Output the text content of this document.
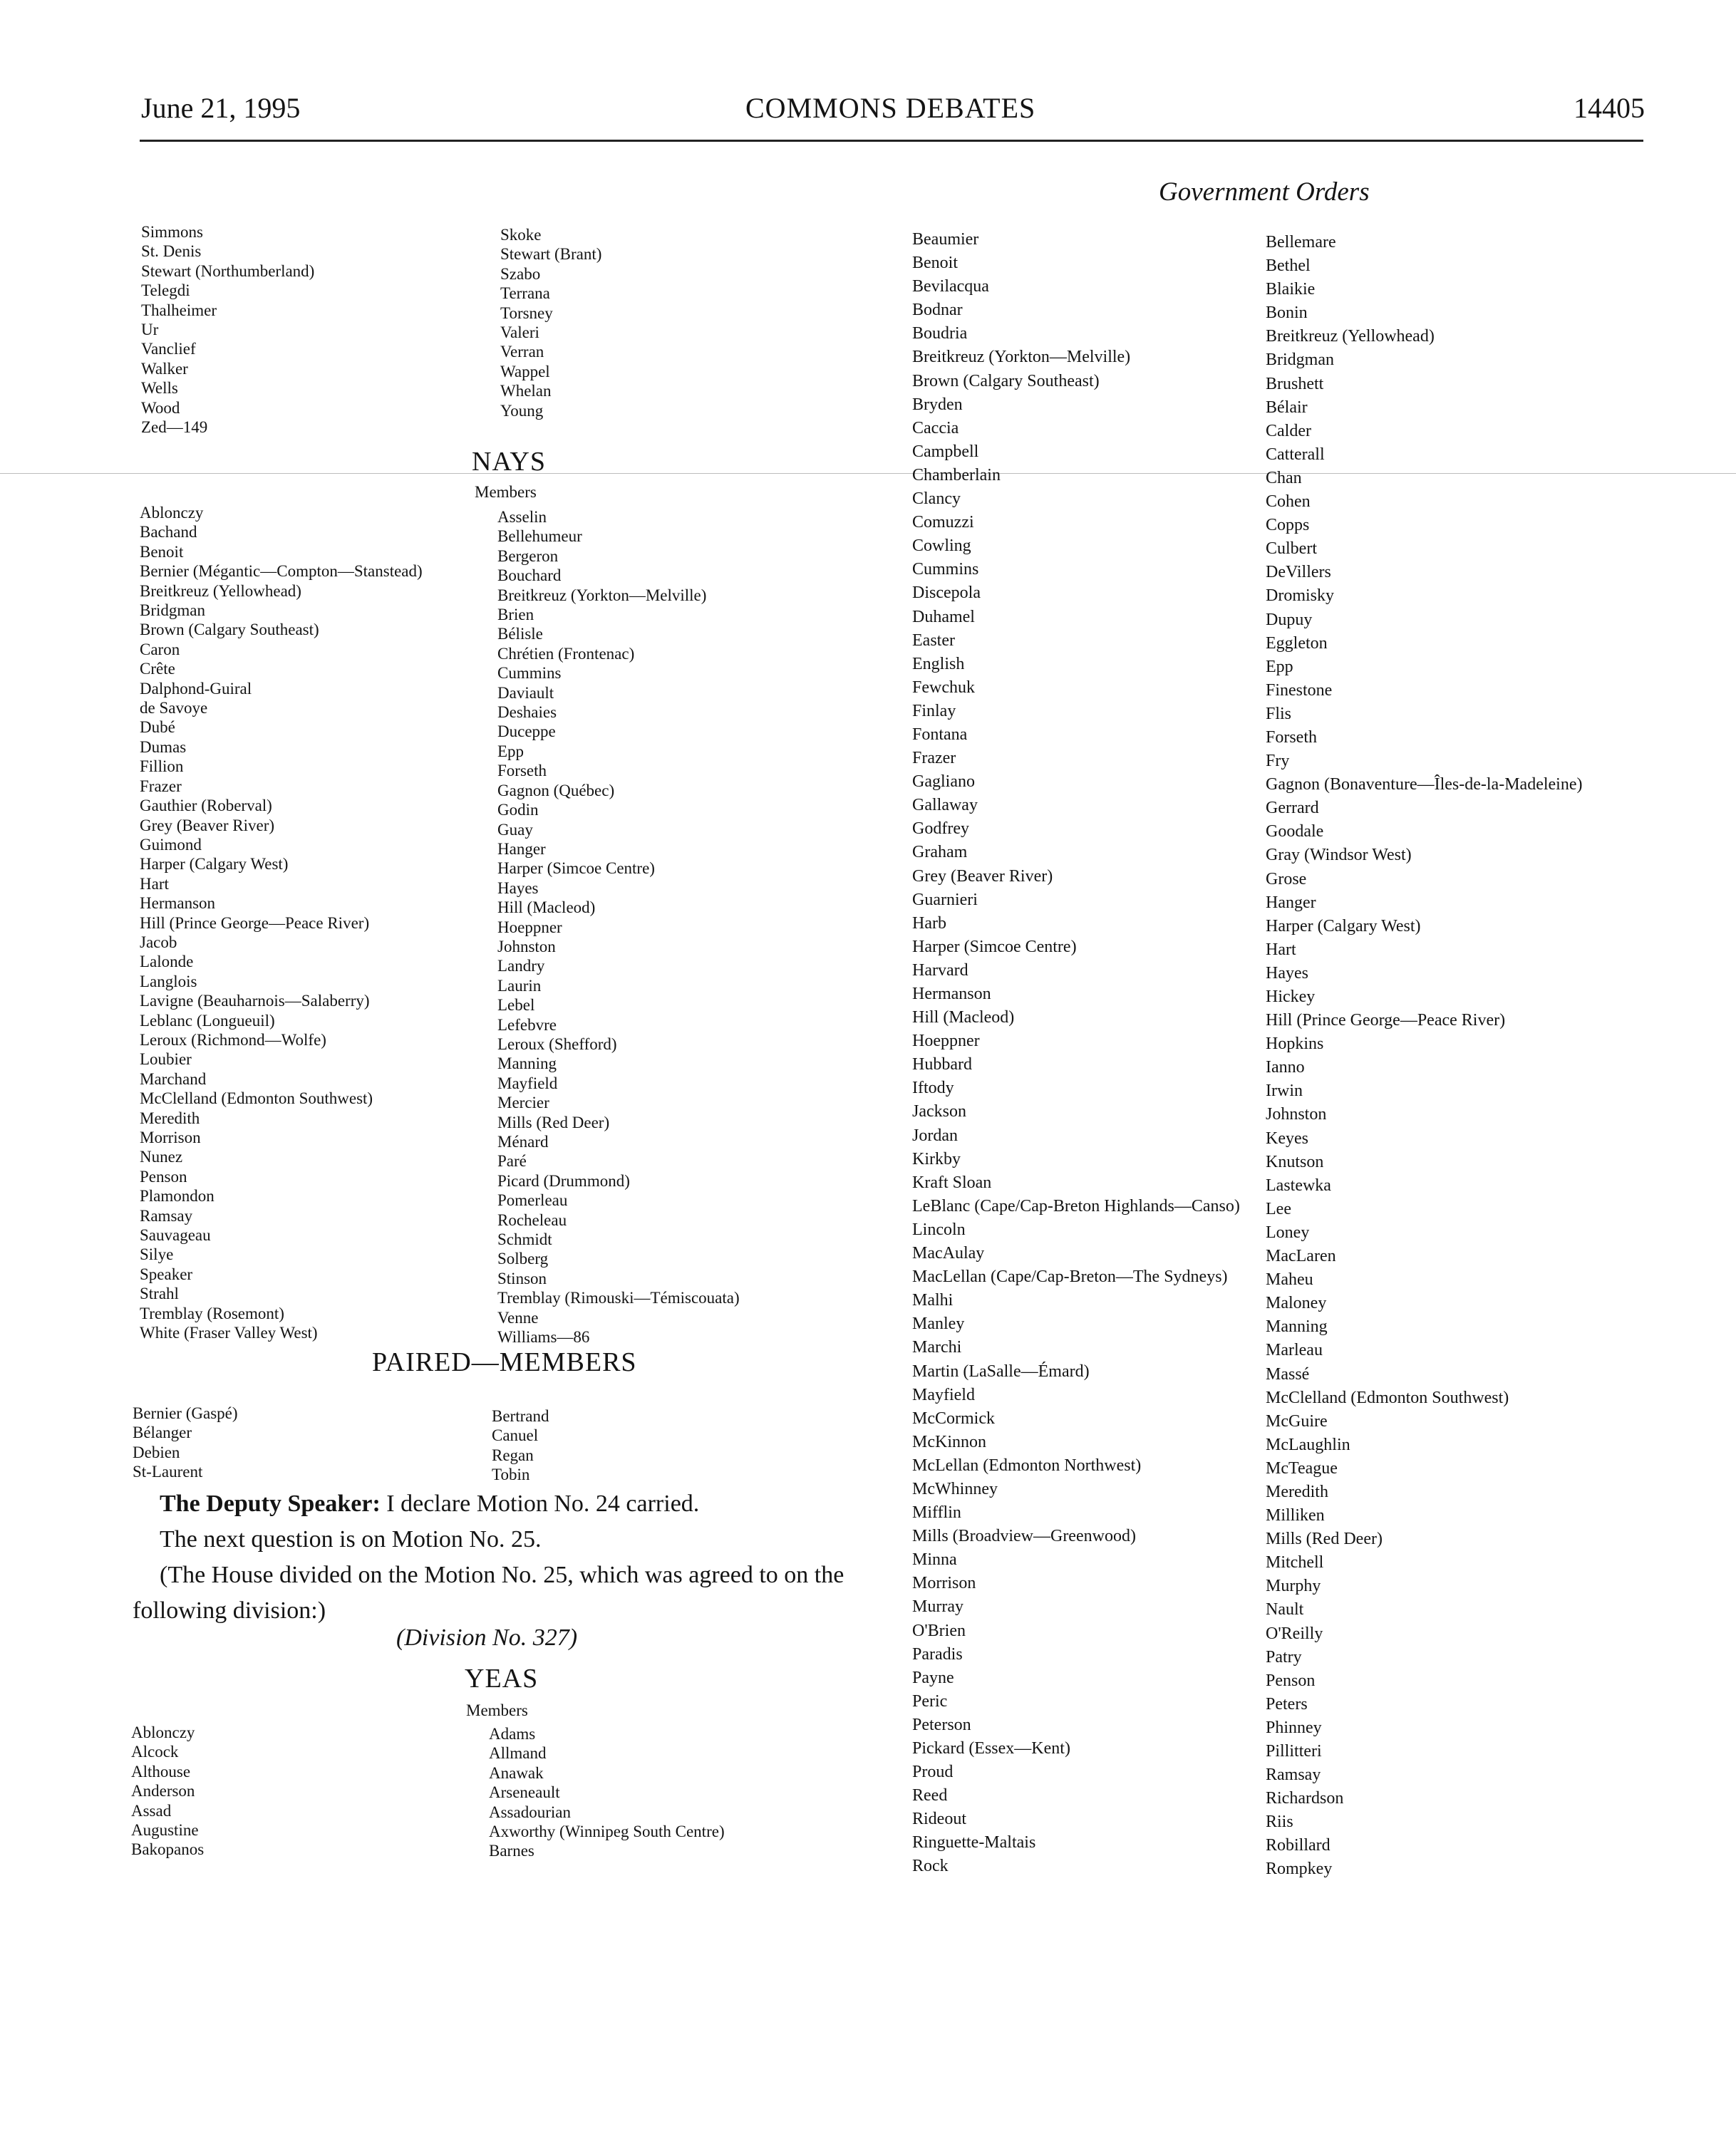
June 21, 1995	COMMONS DEBATES	14405
Government Orders
Simmons
St. Denis
Stewart (Northumberland)
Telegdi
Thalheimer
Ur
Vanclief
Walker
Wells
Wood
Zed—149
Skoke
Stewart (Brant)
Szabo
Terrana
Torsney
Valeri
Verran
Wappel
Whelan
Young
NAYS
Members
Ablonczy
Bachand
Benoit
Bernier (Mégantic—Compton—Stanstead)
Breitkreuz (Yellowhead)
Bridgman
Brown (Calgary Southeast)
Caron
Crête
Dalphond-Guiral
de Savoye
Dubé
Dumas
Fillion
Frazer
Gauthier (Roberval)
Grey (Beaver River)
Guimond
Harper (Calgary West)
Hart
Hermanson
Hill (Prince George—Peace River)
Jacob
Lalonde
Langlois
Lavigne (Beauharnois—Salaberry)
Leblanc (Longueuil)
Leroux (Richmond—Wolfe)
Loubier
Marchand
McClelland (Edmonton Southwest)
Meredith
Morrison
Nunez
Penson
Plamondon
Ramsay
Sauvageau
Silye
Speaker
Strahl
Tremblay (Rosemont)
White (Fraser Valley West)
Asselin
Bellehumeur
Bergeron
Bouchard
Breitkreuz (Yorkton—Melville)
Brien
Bélisle
Chrétien (Frontenac)
Cummins
Daviault
Deshaies
Duceppe
Epp
Forseth
Gagnon (Québec)
Godin
Guay
Hanger
Harper (Simcoe Centre)
Hayes
Hill (Macleod)
Hoeppner
Johnston
Landry
Laurin
Lebel
Lefebvre
Leroux (Shefford)
Manning
Mayfield
Mercier
Mills (Red Deer)
Ménard
Paré
Picard (Drummond)
Pomerleau
Rocheleau
Schmidt
Solberg
Stinson
Tremblay (Rimouski—Témiscouata)
Venne
Williams—86
PAIRED—MEMBERS
Bernier (Gaspé)
Bélanger
Debien
St-Laurent
Bertrand
Canuel
Regan
Tobin

The Deputy Speaker: I declare Motion No. 24 carried.

The next question is on Motion No. 25.

(The House divided on the Motion No. 25, which was agreed to on the following division:)

(Division No. 327)
YEAS
Members
Ablonczy
Alcock
Althouse
Anderson
Assad
Augustine
Bakopanos
Adams
Allmand
Anawak
Arseneault
Assadourian
Axworthy (Winnipeg South Centre)
Barnes
Beaumier
Benoit
Bevilacqua
Bodnar
Boudria
Breitkreuz (Yorkton—Melville)
Brown (Calgary Southeast)
Bryden
Caccia
Campbell
Chamberlain
Clancy
Comuzzi
Cowling
Cummins
Discepola
Duhamel
Easter
English
Fewchuk
Finlay
Fontana
Frazer
Gagliano
Gallaway
Godfrey
Graham
Grey (Beaver River)
Guarnieri
Harb
Harper (Simcoe Centre)
Harvard
Hermanson
Hill (Macleod)
Hoeppner
Hubbard
Iftody
Jackson
Jordan
Kirkby
Kraft Sloan
LeBlanc (Cape/Cap-Breton Highlands—Canso)
Lincoln
MacAulay
MacLellan (Cape/Cap-Breton—The Sydneys)
Malhi
Manley
Marchi
Martin (LaSalle—Émard)
Mayfield
McCormick
McKinnon
McLellan (Edmonton Northwest)
McWhinney
Mifflin
Mills (Broadview—Greenwood)
Minna
Morrison
Murray
O'Brien
Paradis
Payne
Peric
Peterson
Pickard (Essex—Kent)
Proud
Reed
Rideout
Ringuette-Maltais
Rock
Bellemare
Bethel
Blaikie
Bonin
Breitkreuz (Yellowhead)
Bridgman
Brushett
Bélair
Calder
Catterall
Chan
Cohen
Copps
Culbert
DeVillers
Dromisky
Dupuy
Eggleton
Epp
Finestone
Flis
Forseth
Fry
Gagnon (Bonaventure—Îles-de-la-Madeleine)
Gerrard
Goodale
Gray (Windsor West)
Grose
Hanger
Harper (Calgary West)
Hart
Hayes
Hickey
Hill (Prince George—Peace River)
Hopkins
Ianno
Irwin
Johnston
Keyes
Knutson
Lastewka
Lee
Loney
MacLaren
Maheu
Maloney
Manning
Marleau
Massé
McClelland (Edmonton Southwest)
McGuire
McLaughlin
McTeague
Meredith
Milliken
Mills (Red Deer)
Mitchell
Murphy
Nault
O'Reilly
Patry
Penson
Peters
Phinney
Pillitteri
Ramsay
Richardson
Riis
Robillard
Rompkey
